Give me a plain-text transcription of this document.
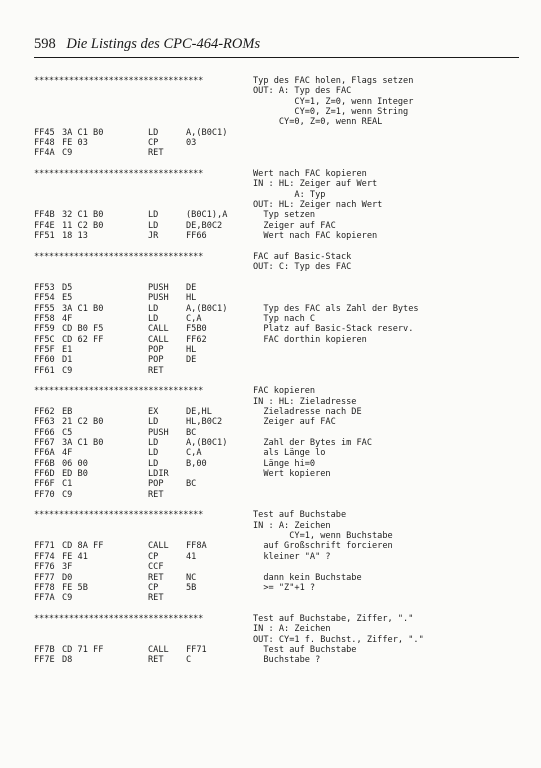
598 Die Listings des CPC-464-ROMs
**********************************	Typ des FAC holen, Flags setzen
OUT: A: Typ des FAC
CY=1, Z=0, wenn Integer
CY=0, Z=1, wenn String
CY=0, Z=0, wenn REAL
FF45 3A C1 B0	LD	A,(B0C1)
FF48 FE 03	CP	03
FF4A C9	RET
**********************************	Wert nach FAC kopieren
IN : HL: Zeiger auf Wert
A: Typ
OUT: HL: Zeiger nach Wert
FF4B 32 C1 B0	LD	(B0C1),A	Typ setzen
FF4E 11 C2 B0	LD	DE,B0C2	Zeiger auf FAC
FF51 18 13	JR	FF66	Wert nach FAC kopieren
**********************************	FAC auf Basic-Stack
OUT: C: Typ des FAC
FF53 D5	PUSH DE
FF54 E5	PUSH HL
FF55 3A C1 B0	LD	A,(B0C1)	Typ des FAC als Zahl der Bytes
FF58 4F	LD	C,A	Typ nach C
FF59 CD B0 F5	CALL F5B0	Platz auf Basic-Stack reserv.
FF5C CD 62 FF	CALL FF62	FAC dorthin kopieren
FF5F E1	POP	HL
FF60 D1	POP	DE
FF61 C9	RET
**********************************	FAC kopieren
IN : HL: Zieladresse
FF62 EB	EX	DE,HL	Zieladresse nach DE
FF63 21 C2 B0	LD	HL,B0C2	Zeiger auf FAC
FF66 C5	PUSH BC
FF67 3A C1 B0	LD	A,(B0C1)	Zahl der Bytes im FAC
FF6A 4F	LD	C,A	als Länge lo
FF6B 06 00	LD	B,00	Länge hi=0
FF6D ED B0	LDIR	Wert kopieren
FF6F C1	POP	BC
FF70 C9	RET
**********************************	Test auf Buchstabe
IN : A: Zeichen
CY=1, wenn Buchstabe
FF71 CD 8A FF	CALL FF8A	auf Großschrift forcieren
FF74 FE 41	CP	41	kleiner "A" ?
FF76 3F	CCF
FF77 D0	RET	NC	dann kein Buchstabe
FF78 FE 5B	CP	5B	>= "Z"+1 ?
FF7A C9	RET
**********************************	Test auf Buchstabe, Ziffer, "."
IN : A: Zeichen
OUT: CY=1 f. Buchst., Ziffer, "."
FF7B CD 71 FF	CALL FF71	Test auf Buchstabe
FF7E D8	RET	C	Buchstabe ?
